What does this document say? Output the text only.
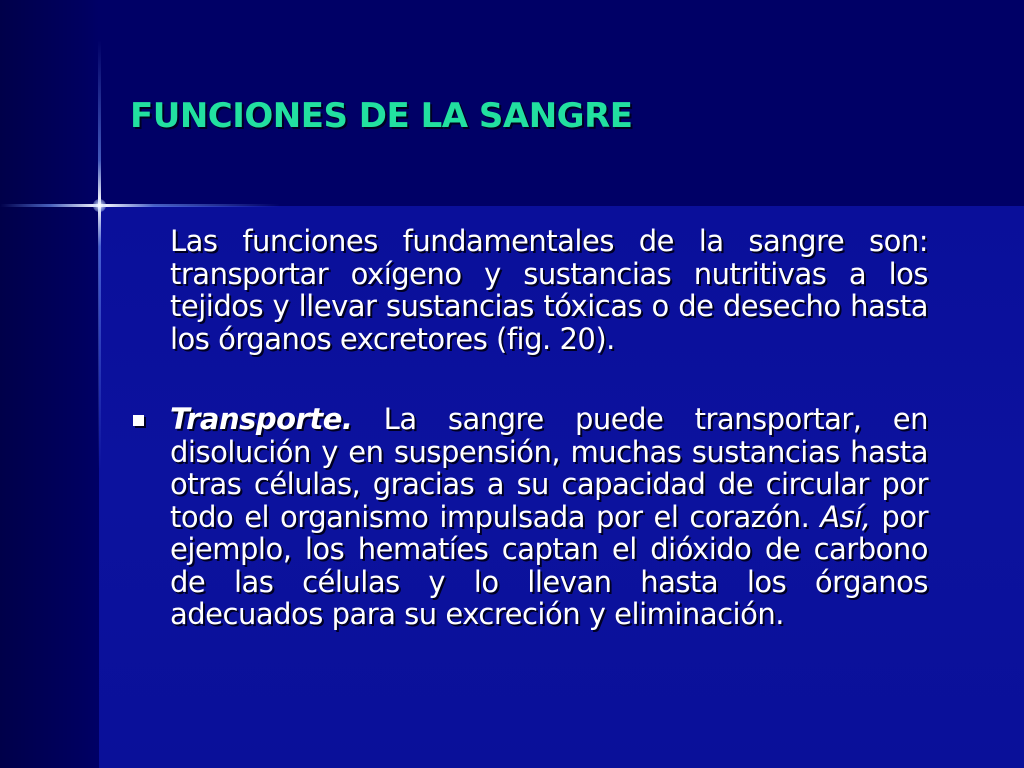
FUNCIONES DE LA SANGRE

Las funciones fundamentales de la sangre son: transportar oxígeno y sustancias nutritivas a los tejidos y llevar sustancias tóxicas o de desecho hasta los órganos excretores (fig. 20).

Transporte. La sangre puede transportar, en disolución y en suspensión, muchas sustancias hasta otras células, gracias a su capacidad de circular por todo el organismo impulsada por el corazón. Así, por ejemplo, los hematíes captan el dióxido de carbono de las células y lo llevan hasta los órganos adecuados para su excreción y eliminación.
